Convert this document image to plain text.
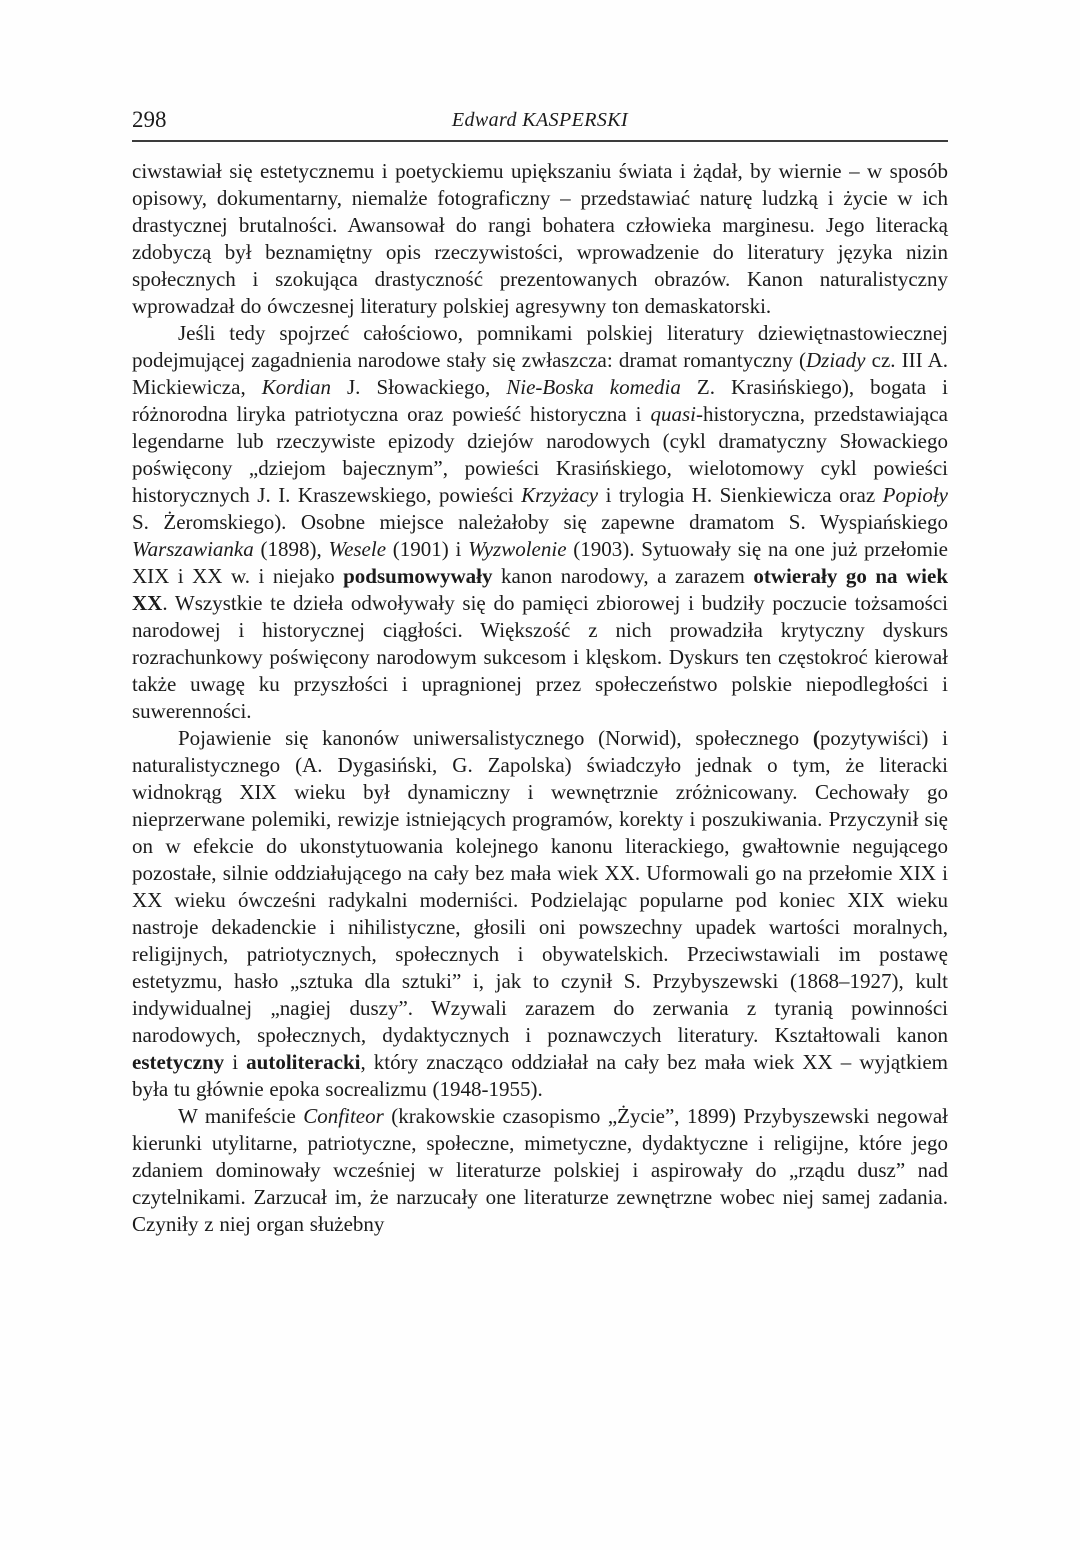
298	Edward KASPERSKI

ciwstawiał się estetycznemu i poetyckiemu upiększaniu świata i żądał, by wiernie – w sposób opisowy, dokumentarny, niemalże fotograficzny – przedstawiać naturę ludzką i życie w ich drastycznej brutalności. Awansował do rangi bohatera człowieka marginesu. Jego literacką zdobyczą był beznamiętny opis rzeczywistości, wprowadzenie do literatury języka nizin społecznych i szokująca drastyczność prezentowanych obrazów. Kanon naturalistyczny wprowadzał do ówczesnej literatury polskiej agresywny ton demaskatorski.

Jeśli tedy spojrzeć całościowo, pomnikami polskiej literatury dziewiętnastowiecznej podejmującej zagadnienia narodowe stały się zwłaszcza: dramat romantyczny (Dziady cz. III A. Mickiewicza, Kordian J. Słowackiego, Nie-Boska komedia Z. Krasińskiego), bogata i różnorodna liryka patriotyczna oraz powieść historyczna i quasi-historyczna, przedstawiająca legendarne lub rzeczywiste epizody dziejów narodowych (cykl dramatyczny Słowackiego poświęcony „dziejom bajecznym”, powieści Krasińskiego, wielotomowy cykl powieści historycznych J. I. Kraszewskiego, powieści Krzyżacy i trylogia H. Sienkiewicza oraz Popioły S. Żeromskiego). Osobne miejsce należałoby się zapewne dramatom S. Wyspiańskiego Warszawianka (1898), Wesele (1901) i Wyzwolenie (1903). Sytuowały się na one już przełomie XIX i XX w. i niejako podsumowywały kanon narodowy, a zarazem otwierały go na wiek XX. Wszystkie te dzieła odwoływały się do pamięci zbiorowej i budziły poczucie tożsamości narodowej i historycznej ciągłości. Większość z nich prowadziła krytyczny dyskurs rozrachunkowy poświęcony narodowym sukcesom i klęskom. Dyskurs ten częstokroć kierował także uwagę ku przyszłości i upragnionej przez społeczeństwo polskie niepodległości i suwerenności.

Pojawienie się kanonów uniwersalistycznego (Norwid), społecznego (pozytywiści) i naturalistycznego (A. Dygasiński, G. Zapolska) świadczyło jednak o tym, że literacki widnokrąg XIX wieku był dynamiczny i wewnętrznie zróżnicowany. Cechowały go nieprzerwane polemiki, rewizje istniejących programów, korekty i poszukiwania. Przyczynił się on w efekcie do ukonstytuowania kolejnego kanonu literackiego, gwałtownie negującego pozostałe, silnie oddziałującego na cały bez mała wiek XX. Uformowali go na przełomie XIX i XX wieku ówcześni radykalni moderniści. Podzielając popularne pod koniec XIX wieku nastroje dekadenckie i nihilistyczne, głosili oni powszechny upadek wartości moralnych, religijnych, patriotycznych, społecznych i obywatelskich. Przeciwstawiali im postawę estetyzmu, hasło „sztuka dla sztuki” i, jak to czynił S. Przybyszewski (1868–1927), kult indywidualnej „nagiej duszy”. Wzywali zarazem do zerwania z tyranią powinności narodowych, społecznych, dydaktycznych i poznawczych literatury. Kształtowali kanon estetyczny i autoliteracki, który znacząco oddziałał na cały bez mała wiek XX – wyjątkiem była tu głównie epoka socrealizmu (1948-1955).

W manifeście Confiteor (krakowskie czasopismo „Życie”, 1899) Przybyszewski negował kierunki utylitarne, patriotyczne, społeczne, mimetyczne, dydaktyczne i religijne, które jego zdaniem dominowały wcześniej w literaturze polskiej i aspirowały do „rządu dusz” nad czytelnikami. Zarzucał im, że narzucały one literaturze zewnętrzne wobec niej samej zadania. Czyniły z niej organ służebny
